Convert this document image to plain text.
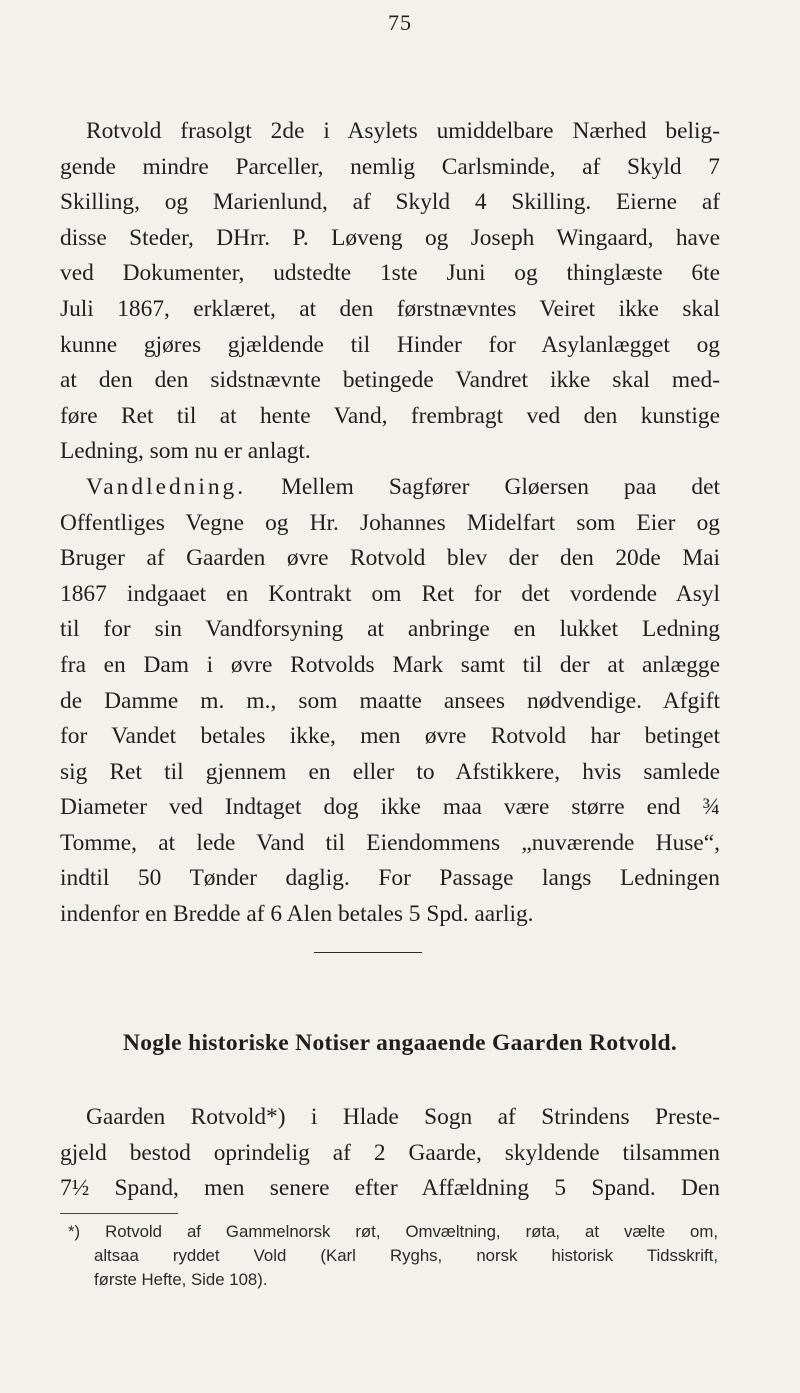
75
Rotvold frasolgt 2de i Asylets umiddelbare Nærhed belig-
gende mindre Parceller, nemlig Carlsminde, af Skyld 7
Skilling, og Marienlund, af Skyld 4 Skilling. Eierne af
disse Steder, DHrr. P. Løveng og Joseph Wingaard, have
ved Dokumenter, udstedte 1ste Juni og thinglæste 6te
Juli 1867, erklæret, at den førstnævntes Veiret ikke skal
kunne gjøres gjældende til Hinder for Asylanlægget og
at den den sidstnævnte betingede Vandret ikke skal med-
føre Ret til at hente Vand, frembragt ved den kunstige
Ledning, som nu er anlagt.
Vandledning. Mellem Sagfører Gløersen paa det
Offentliges Vegne og Hr. Johannes Midelfart som Eier og
Bruger af Gaarden øvre Rotvold blev der den 20de Mai
1867 indgaaet en Kontrakt om Ret for det vordende Asyl
til for sin Vandforsyning at anbringe en lukket Ledning
fra en Dam i øvre Rotvolds Mark samt til der at anlægge
de Damme m. m., som maatte ansees nødvendige. Afgift
for Vandet betales ikke, men øvre Rotvold har betinget
sig Ret til gjennem en eller to Afstikkere, hvis samlede
Diameter ved Indtaget dog ikke maa være større end ¾
Tomme, at lede Vand til Eiendommens „nuværende Huse“,
indtil 50 Tønder daglig. For Passage langs Ledningen
indenfor en Bredde af 6 Alen betales 5 Spd. aarlig.
Nogle historiske Notiser angaaende Gaarden Rotvold.
Gaarden Rotvold*) i Hlade Sogn af Strindens Preste-
gjeld bestod oprindelig af 2 Gaarde, skyldende tilsammen
7½ Spand, men senere efter Affældning 5 Spand. Den
*) Rotvold af Gammelnorsk røt, Omvæltning, røta, at vælte om,
altsaa ryddet Vold (Karl Ryghs, norsk historisk Tidsskrift,
første Hefte, Side 108).
